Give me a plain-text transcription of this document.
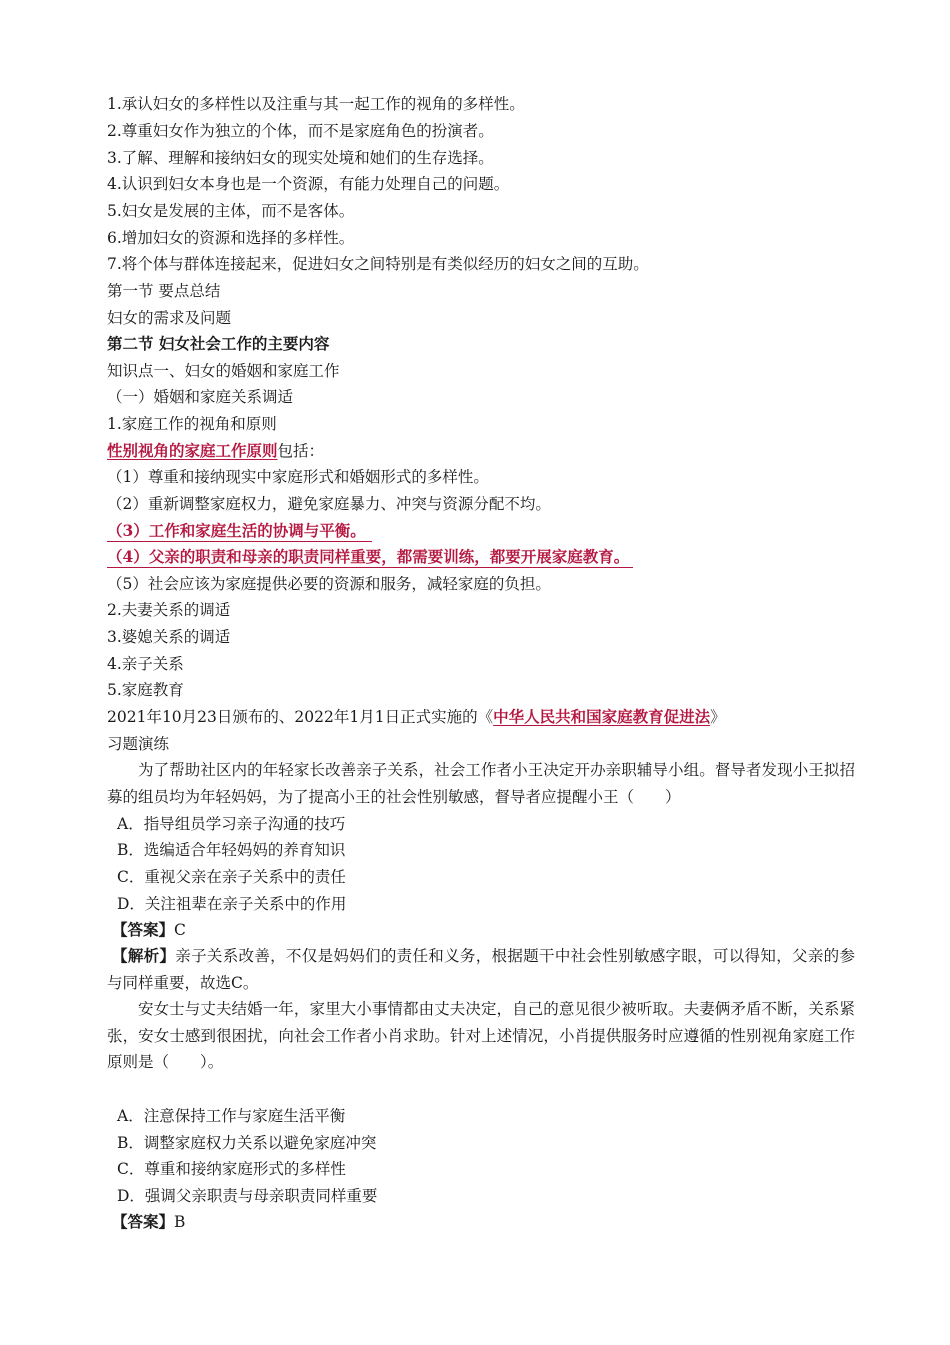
1.承认妇女的多样性以及注重与其一起工作的视角的多样性。
2.尊重妇女作为独立的个体，而不是家庭角色的扮演者。
3.了解、理解和接纳妇女的现实处境和她们的生存选择。
4.认识到妇女本身也是一个资源，有能力处理自己的问题。
5.妇女是发展的主体，而不是客体。
6.增加妇女的资源和选择的多样性。
7.将个体与群体连接起来，促进妇女之间特别是有类似经历的妇女之间的互助。
第一节 要点总结
妇女的需求及问题
第二节 妇女社会工作的主要内容
知识点一、妇女的婚姻和家庭工作
（一）婚姻和家庭关系调适
1.家庭工作的视角和原则
性别视角的家庭工作原则包括：
（1）尊重和接纳现实中家庭形式和婚姻形式的多样性。
（2）重新调整家庭权力，避免家庭暴力、冲突与资源分配不均。
（3）工作和家庭生活的协调与平衡。
（4）父亲的职责和母亲的职责同样重要，都需要训练，都要开展家庭教育。
（5）社会应该为家庭提供必要的资源和服务，减轻家庭的负担。
2.夫妻关系的调适
3.婆媳关系的调适
4.亲子关系
5.家庭教育
2021年10月23日颁布的、2022年1月1日正式实施的《中华人民共和国家庭教育促进法》
习题演练
为了帮助社区内的年轻家长改善亲子关系，社会工作者小王决定开办亲职辅导小组。督导者发现小王拟招募的组员均为年轻妈妈，为了提高小王的社会性别敏感，督导者应提醒小王（　　）
A．指导组员学习亲子沟通的技巧
B．选编适合年轻妈妈的养育知识
C．重视父亲在亲子关系中的责任
D．关注祖辈在亲子关系中的作用
【答案】C
【解析】亲子关系改善，不仅是妈妈们的责任和义务，根据题干中社会性别敏感字眼，可以得知，父亲的参与同样重要，故选C。
安女士与丈夫结婚一年，家里大小事情都由丈夫决定，自己的意见很少被听取。夫妻俩矛盾不断，关系紧张，安女士感到很困扰，向社会工作者小肖求助。针对上述情况，小肖提供服务时应遵循的性别视角家庭工作原则是（　　）。
A．注意保持工作与家庭生活平衡
B．调整家庭权力关系以避免家庭冲突
C．尊重和接纳家庭形式的多样性
D．强调父亲职责与母亲职责同样重要
【答案】B
